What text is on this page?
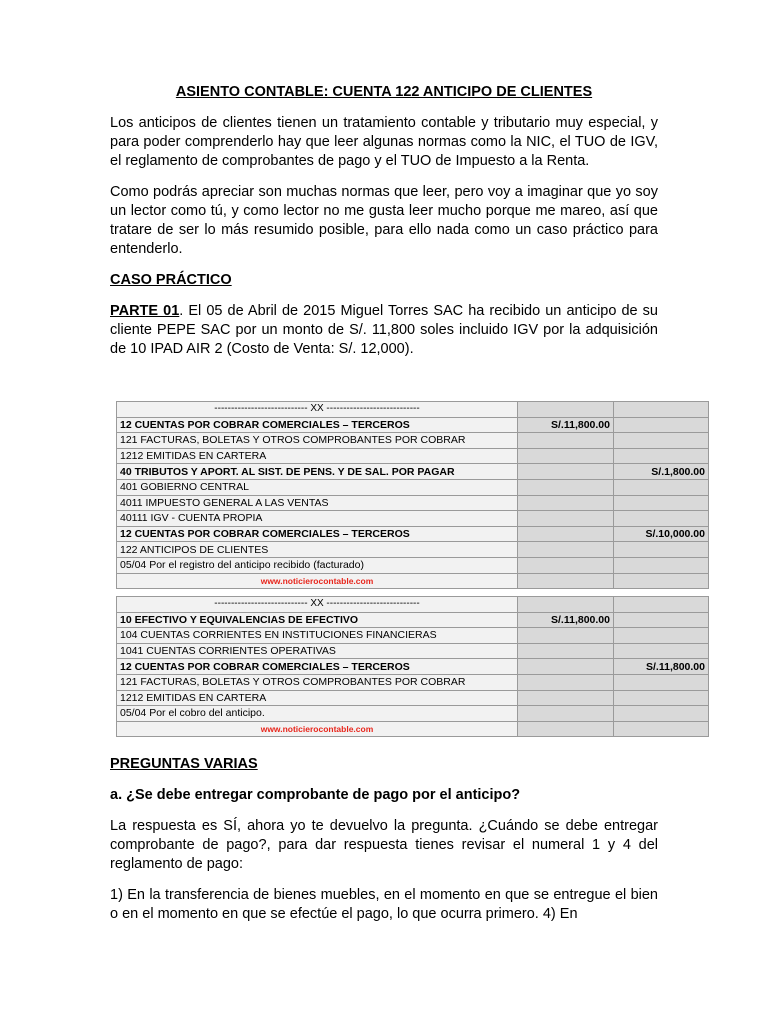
ASIENTO CONTABLE: CUENTA 122 ANTICIPO DE CLIENTES

Los anticipos de clientes tienen un tratamiento contable y tributario muy especial, y para poder comprenderlo hay que leer algunas normas como la NIC, el TUO de IGV, el reglamento de comprobantes de pago y el TUO de Impuesto a la Renta.

Como podrás apreciar son muchas normas que leer, pero voy a imaginar que yo soy un lector como tú, y como lector no me gusta leer mucho porque me mareo, así que tratare de ser lo más resumido posible, para ello nada como un caso práctico para entenderlo.

CASO PRÁCTICO

PARTE 01. El 05 de Abril de 2015 Miguel Torres SAC ha recibido un anticipo de su cliente PEPE SAC por un monto de S/. 11,800 soles incluido IGV por la adquisición de 10 IPAD AIR 2 (Costo de Venta: S/. 12,000).

---------------------------- XX ----------------------------		
12 CUENTAS POR COBRAR COMERCIALES – TERCEROS	S/.11,800.00	
121 FACTURAS, BOLETAS Y OTROS COMPROBANTES POR COBRAR		
1212 EMITIDAS EN CARTERA		
40 TRIBUTOS Y APORT. AL SIST. DE PENS. Y DE SAL. POR PAGAR		S/.1,800.00
401 GOBIERNO CENTRAL		
4011 IMPUESTO GENERAL A LAS VENTAS		
40111 IGV - CUENTA PROPIA		
12 CUENTAS POR COBRAR COMERCIALES – TERCEROS		S/.10,000.00
122 ANTICIPOS DE CLIENTES		
05/04 Por el registro del anticipo recibido (facturado)		
www.noticierocontable.com		
---------------------------- XX ----------------------------		
10 EFECTIVO Y EQUIVALENCIAS DE EFECTIVO	S/.11,800.00	
104 CUENTAS CORRIENTES EN INSTITUCIONES FINANCIERAS		
1041 CUENTAS CORRIENTES OPERATIVAS		
12 CUENTAS POR COBRAR COMERCIALES – TERCEROS		S/.11,800.00
121 FACTURAS, BOLETAS Y OTROS COMPROBANTES POR COBRAR		
1212 EMITIDAS EN CARTERA		
05/04 Por el cobro del anticipo.		
www.noticierocontable.com		
PREGUNTAS VARIAS
a. ¿Se debe entregar comprobante de pago por el anticipo?

La respuesta es SÍ, ahora yo te devuelvo la pregunta. ¿Cuándo se debe entregar comprobante de pago?, para dar respuesta tienes revisar el numeral 1 y 4 del reglamento de pago:

1) En la transferencia de bienes muebles, en el momento en que se entregue el bien o en el momento en que se efectúe el pago, lo que ocurra primero. 4) En
